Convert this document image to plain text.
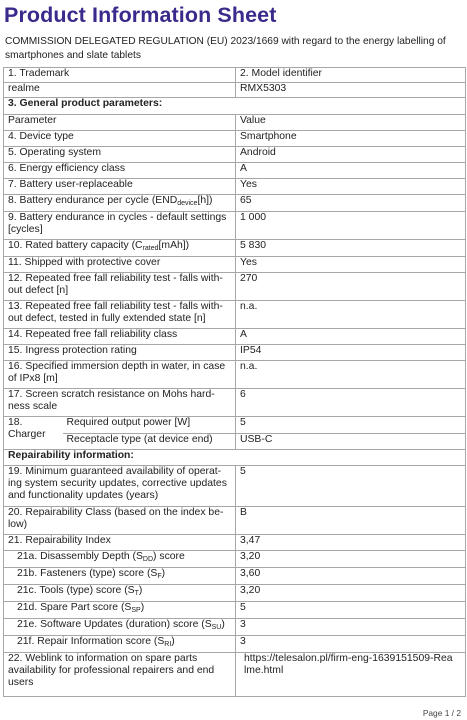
Product Information Sheet
COMMISSION DELEGATED REGULATION (EU) 2023/1669 with regard to the energy labelling of smartphones and slate tablets
1. Trademark		2. Model identifier
realme		RMX5303
3. General product parameters:		
Parameter		Value
4. Device type		Smartphone
5. Operating system		Android
6. Energy efficiency class		A
7. Battery user-replaceable		Yes
8. Battery endurance per cycle (ENDdevice[h])		65
9. Battery endurance in cycles - default settings [cycles]		1 000
10. Rated battery capacity (Crated[mAh])		5 830
11. Shipped with protective cover		Yes
12. Repeated free fall reliability test - falls with-out defect [n]		270
13. Repeated free fall reliability test - falls with-out defect, tested in fully extended state [n]		n.a.
14. Repeated free fall reliability class		A
15. Ingress protection rating		IP54
16. Specified immersion depth in water, in case of IPx8 [m]		n.a.
17. Screen scratch resistance on Mohs hard-ness scale		6
18. Charger	Required output power [W]	5
	Receptacle type (at device end)	USB-C
Repairability information:		
19. Minimum guaranteed availability of operat-ing system security updates, corrective updates and functionality updates (years)		5
20. Repairability Class (based on the index be-low)		B
21. Repairability Index		3,47
21a. Disassembly Depth (SDD) score		3,20
21b. Fasteners (type) score (SF)		3,60
21c. Tools (type) score (ST)		3,20
21d. Spare Part score (SSP)		5
21e. Software Updates (duration) score (SSU)		3
21f. Repair Information score (SRI)		3
22. Weblink to information on spare parts availability for professional repairers and end users		https://telesalon.pl/firm-eng-1639151509-Rea lme.html
Page 1 / 2
